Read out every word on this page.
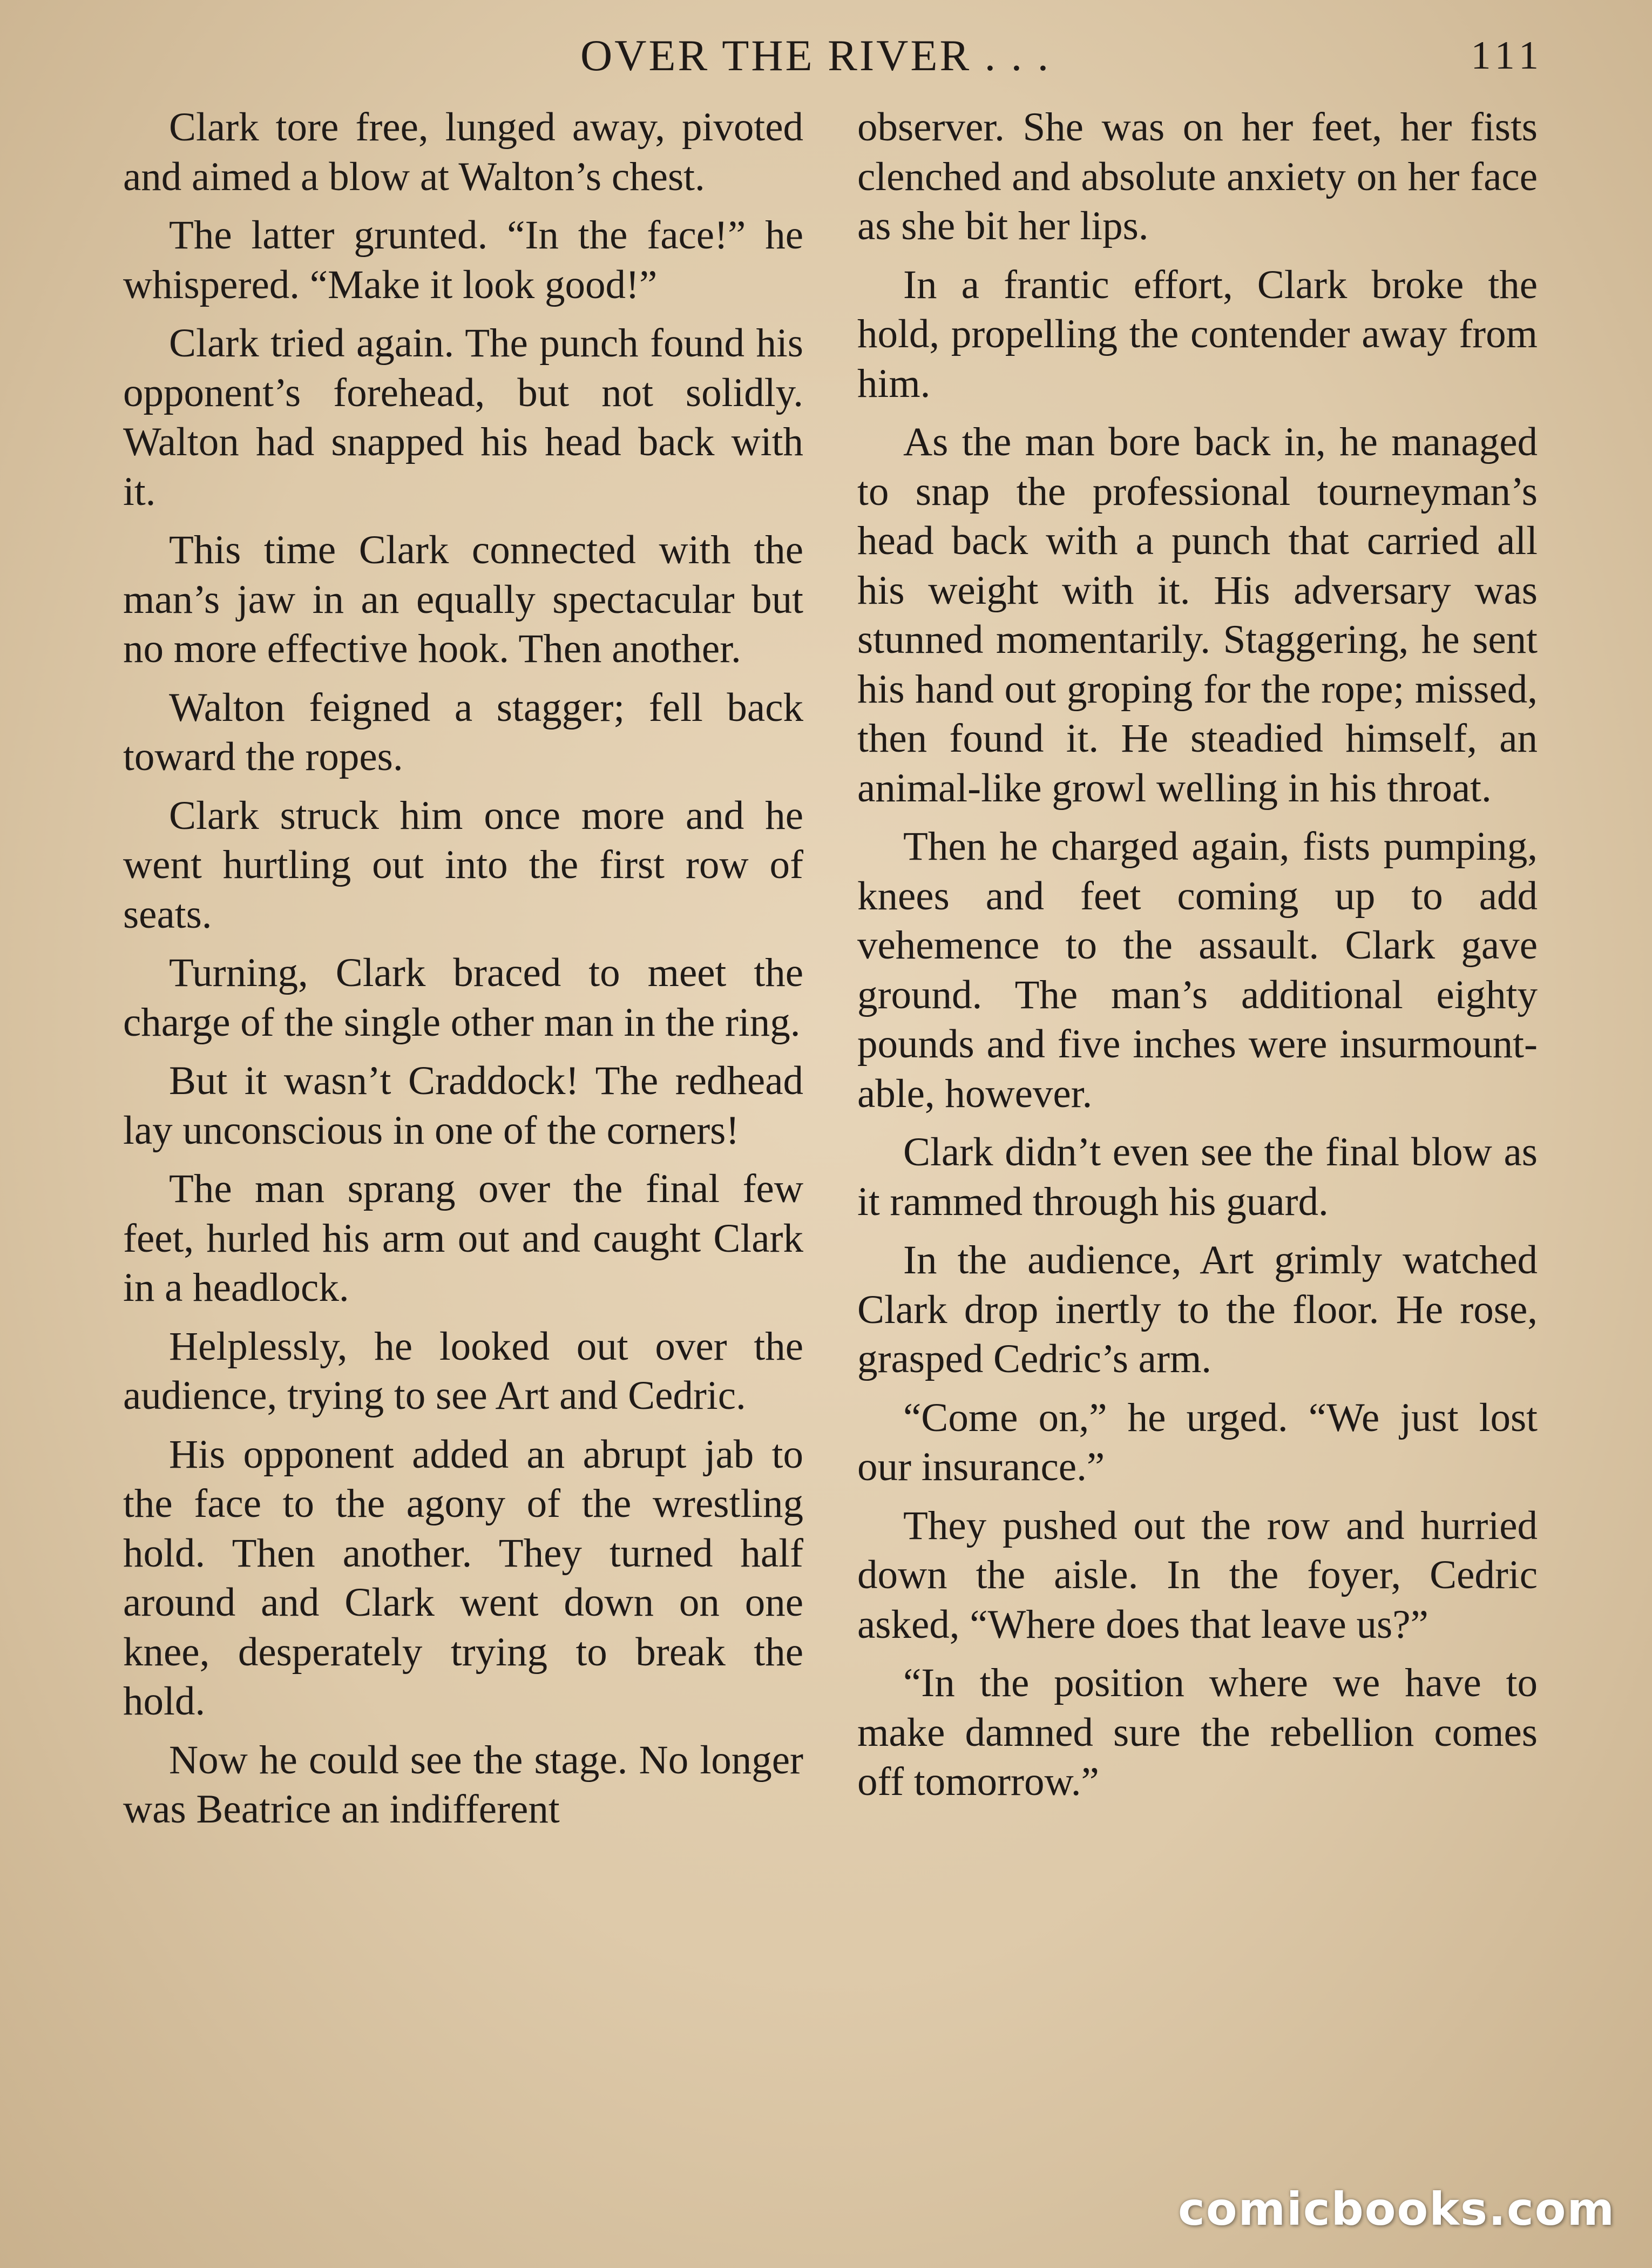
OVER THE RIVER . . .	111

Clark tore free, lunged away, pivoted and aimed a blow at Walton’s chest.

The latter grunted. “In the face!” he whispered. “Make it look good!”

Clark tried again. The punch found his opponent’s forehead, but not solidly. Walton had snapped his head back with it.

This time Clark connected with the man’s jaw in an equally spectacular but no more effective hook. Then another.

Walton feigned a stagger; fell back toward the ropes.

Clark struck him once more and he went hurtling out into the first row of seats.

Turning, Clark braced to meet the charge of the single other man in the ring.

But it wasn’t Craddock! The redhead lay unconscious in one of the corners!

The man sprang over the final few feet, hurled his arm out and caught Clark in a headlock.

Helplessly, he looked out over the audience, trying to see Art and Cedric.

His opponent added an abrupt jab to the face to the agony of the wrestling hold. Then another. They turned half around and Clark went down on one knee, desperately trying to break the hold.

Now he could see the stage. No longer was Beatrice an indifferent

observer. She was on her feet, her fists clenched and absolute anxiety on her face as she bit her lips.

In a frantic effort, Clark broke the hold, propelling the contender away from him.

As the man bore back in, he managed to snap the professional tourneyman’s head back with a punch that carried all his weight with it. His adversary was stunned momentarily. Staggering, he sent his hand out groping for the rope; missed, then found it. He steadied himself, an animal-like growl welling in his throat.

Then he charged again, fists pumping, knees and feet coming up to add vehemence to the assault. Clark gave ground. The man’s additional eighty pounds and five inches were insurmountable, however.

Clark didn’t even see the final blow as it rammed through his guard.

In the audience, Art grimly watched Clark drop inertly to the floor. He rose, grasped Cedric’s arm.

“Come on,” he urged. “We just lost our insurance.”

They pushed out the row and hurried down the aisle. In the foyer, Cedric asked, “Where does that leave us?”

“In the position where we have to make damned sure the rebellion comes off tomorrow.”

comicbooks.com
